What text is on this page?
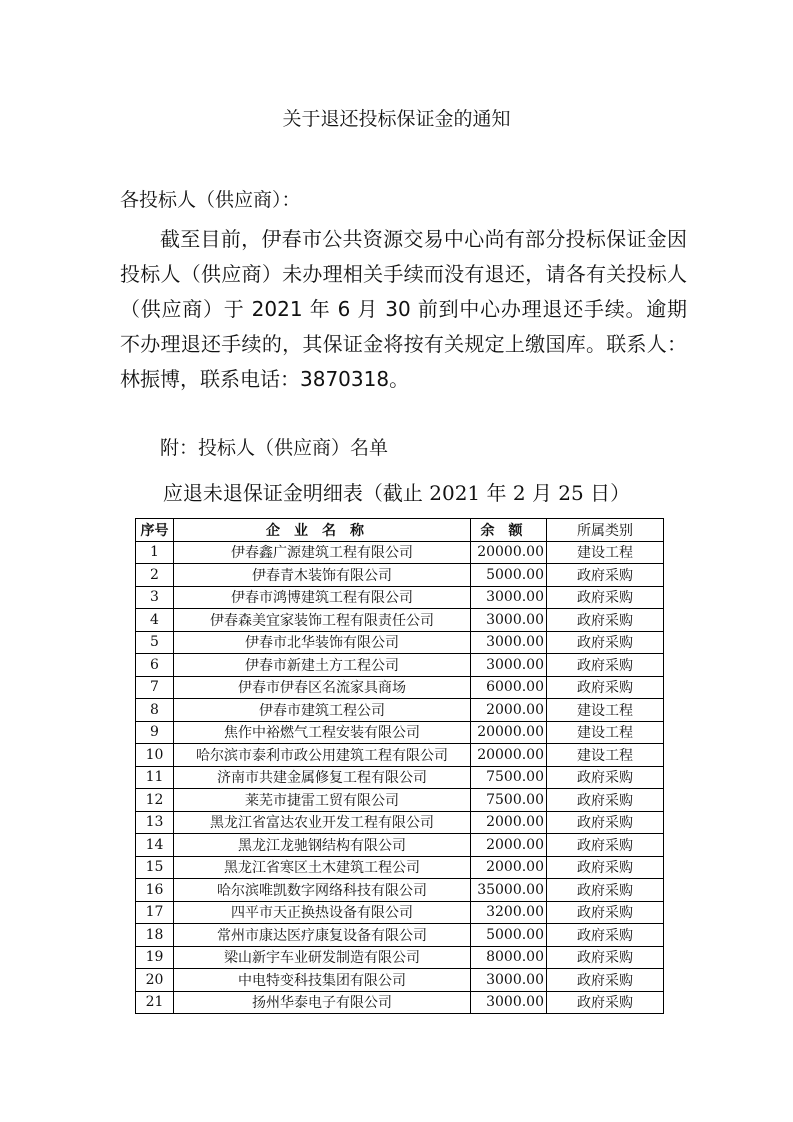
关于退还投标保证金的通知
各投标人（供应商）：
截至目前，伊春市公共资源交易中心尚有部分投标保证金因投标人（供应商）未办理相关手续而没有退还，请各有关投标人（供应商）于 2021 年 6 月 30 前到中心办理退还手续。逾期不办理退还手续的，其保证金将按有关规定上缴国库。联系人：林振博，联系电话：3870318。
附：投标人（供应商）名单
应退未退保证金明细表（截止 2021 年 2 月 25 日）
序号	企业名称	余额	所属类别
1	伊春鑫广源建筑工程有限公司	20000.00	建设工程
2	伊春青木装饰有限公司	5000.00	政府采购
3	伊春市鸿博建筑工程有限公司	3000.00	政府采购
4	伊春森美宜家装饰工程有限责任公司	3000.00	政府采购
5	伊春市北华装饰有限公司	3000.00	政府采购
6	伊春市新建土方工程公司	3000.00	政府采购
7	伊春市伊春区名流家具商场	6000.00	政府采购
8	伊春市建筑工程公司	2000.00	建设工程
9	焦作中裕燃气工程安装有限公司	20000.00	建设工程
10	哈尔滨市泰利市政公用建筑工程有限公司	20000.00	建设工程
11	济南市共建金属修复工程有限公司	7500.00	政府采购
12	莱芜市捷雷工贸有限公司	7500.00	政府采购
13	黑龙江省富达农业开发工程有限公司	2000.00	政府采购
14	黑龙江龙驰钢结构有限公司	2000.00	政府采购
15	黑龙江省寒区土木建筑工程公司	2000.00	政府采购
16	哈尔滨唯凯数字网络科技有限公司	35000.00	政府采购
17	四平市天正换热设备有限公司	3200.00	政府采购
18	常州市康达医疗康复设备有限公司	5000.00	政府采购
19	梁山新宇车业研发制造有限公司	8000.00	政府采购
20	中电特变科技集团有限公司	3000.00	政府采购
21	扬州华泰电子有限公司	3000.00	政府采购
